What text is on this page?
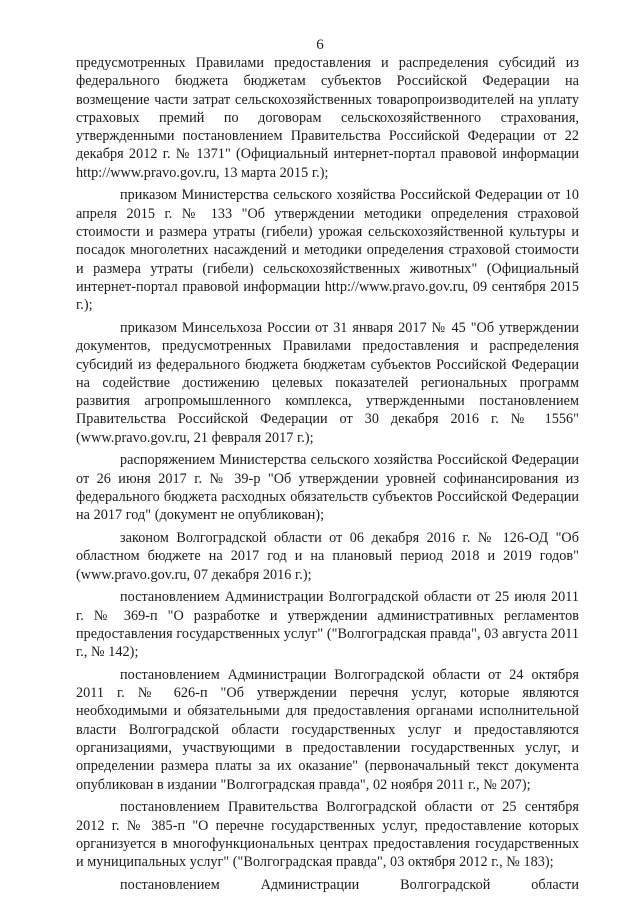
6

предусмотренных Правилами предоставления и распределения субсидий из федерального бюджета бюджетам субъектов Российской Федерации на возмещение части затрат сельскохозяйственных товаропроизводителей на уплату страховых премий по договорам сельскохозяйственного страхования, утвержденными постановлением Правительства Российской Федерации от 22 декабря 2012 г. № 1371" (Официальный интернет-портал правовой информации http://www.pravo.gov.ru, 13 марта 2015 г.);

приказом Министерства сельского хозяйства Российской Федерации от 10 апреля 2015 г. № 133 "Об утверждении методики определения страховой стоимости и размера утраты (гибели) урожая сельскохозяйственной культуры и посадок многолетних насаждений и методики определения страховой стоимости и размера утраты (гибели) сельскохозяйственных животных" (Официальный интернет-портал правовой информации http://www.pravo.gov.ru, 09 сентября 2015 г.);

приказом Минсельхоза России от 31 января 2017 № 45 "Об утверждении документов, предусмотренных Правилами предоставления и распределения субсидий из федерального бюджета бюджетам субъектов Российской Федерации на содействие достижению целевых показателей региональных программ развития агропромышленного комплекса, утвержденными постановлением Правительства Российской Федерации от 30 декабря 2016 г. № 1556" (www.pravo.gov.ru, 21 февраля 2017 г.);

распоряжением Министерства сельского хозяйства Российской Федерации от 26 июня 2017 г. № 39-р "Об утверждении уровней софинансирования из федерального бюджета расходных обязательств субъектов Российской Федерации на 2017 год" (документ не опубликован);

законом Волгоградской области от 06 декабря 2016 г. № 126-ОД "Об областном бюджете на 2017 год и на плановый период 2018 и 2019 годов" (www.pravo.gov.ru, 07 декабря 2016 г.);

постановлением Администрации Волгоградской области от 25 июля 2011 г. № 369-п "О разработке и утверждении административных регламентов предоставления государственных услуг" ("Волгоградская правда", 03 августа 2011 г., № 142);

постановлением Администрации Волгоградской области от 24 октября 2011 г. № 626-п "Об утверждении перечня услуг, которые являются необходимыми и обязательными для предоставления органами исполнительной власти Волгоградской области государственных услуг и предоставляются организациями, участвующими в предоставлении государственных услуг, и определении размера платы за их оказание" (первоначальный текст документа опубликован в издании "Волгоградская правда", 02 ноября 2011 г., № 207);

постановлением Правительства Волгоградской области от 25 сентября 2012 г. № 385-п "О перечне государственных услуг, предоставление которых организуется в многофункциональных центрах предоставления государственных и муниципальных услуг" ("Волгоградская правда", 03 октября 2012 г., № 183);

постановлением Администрации Волгоградской области
